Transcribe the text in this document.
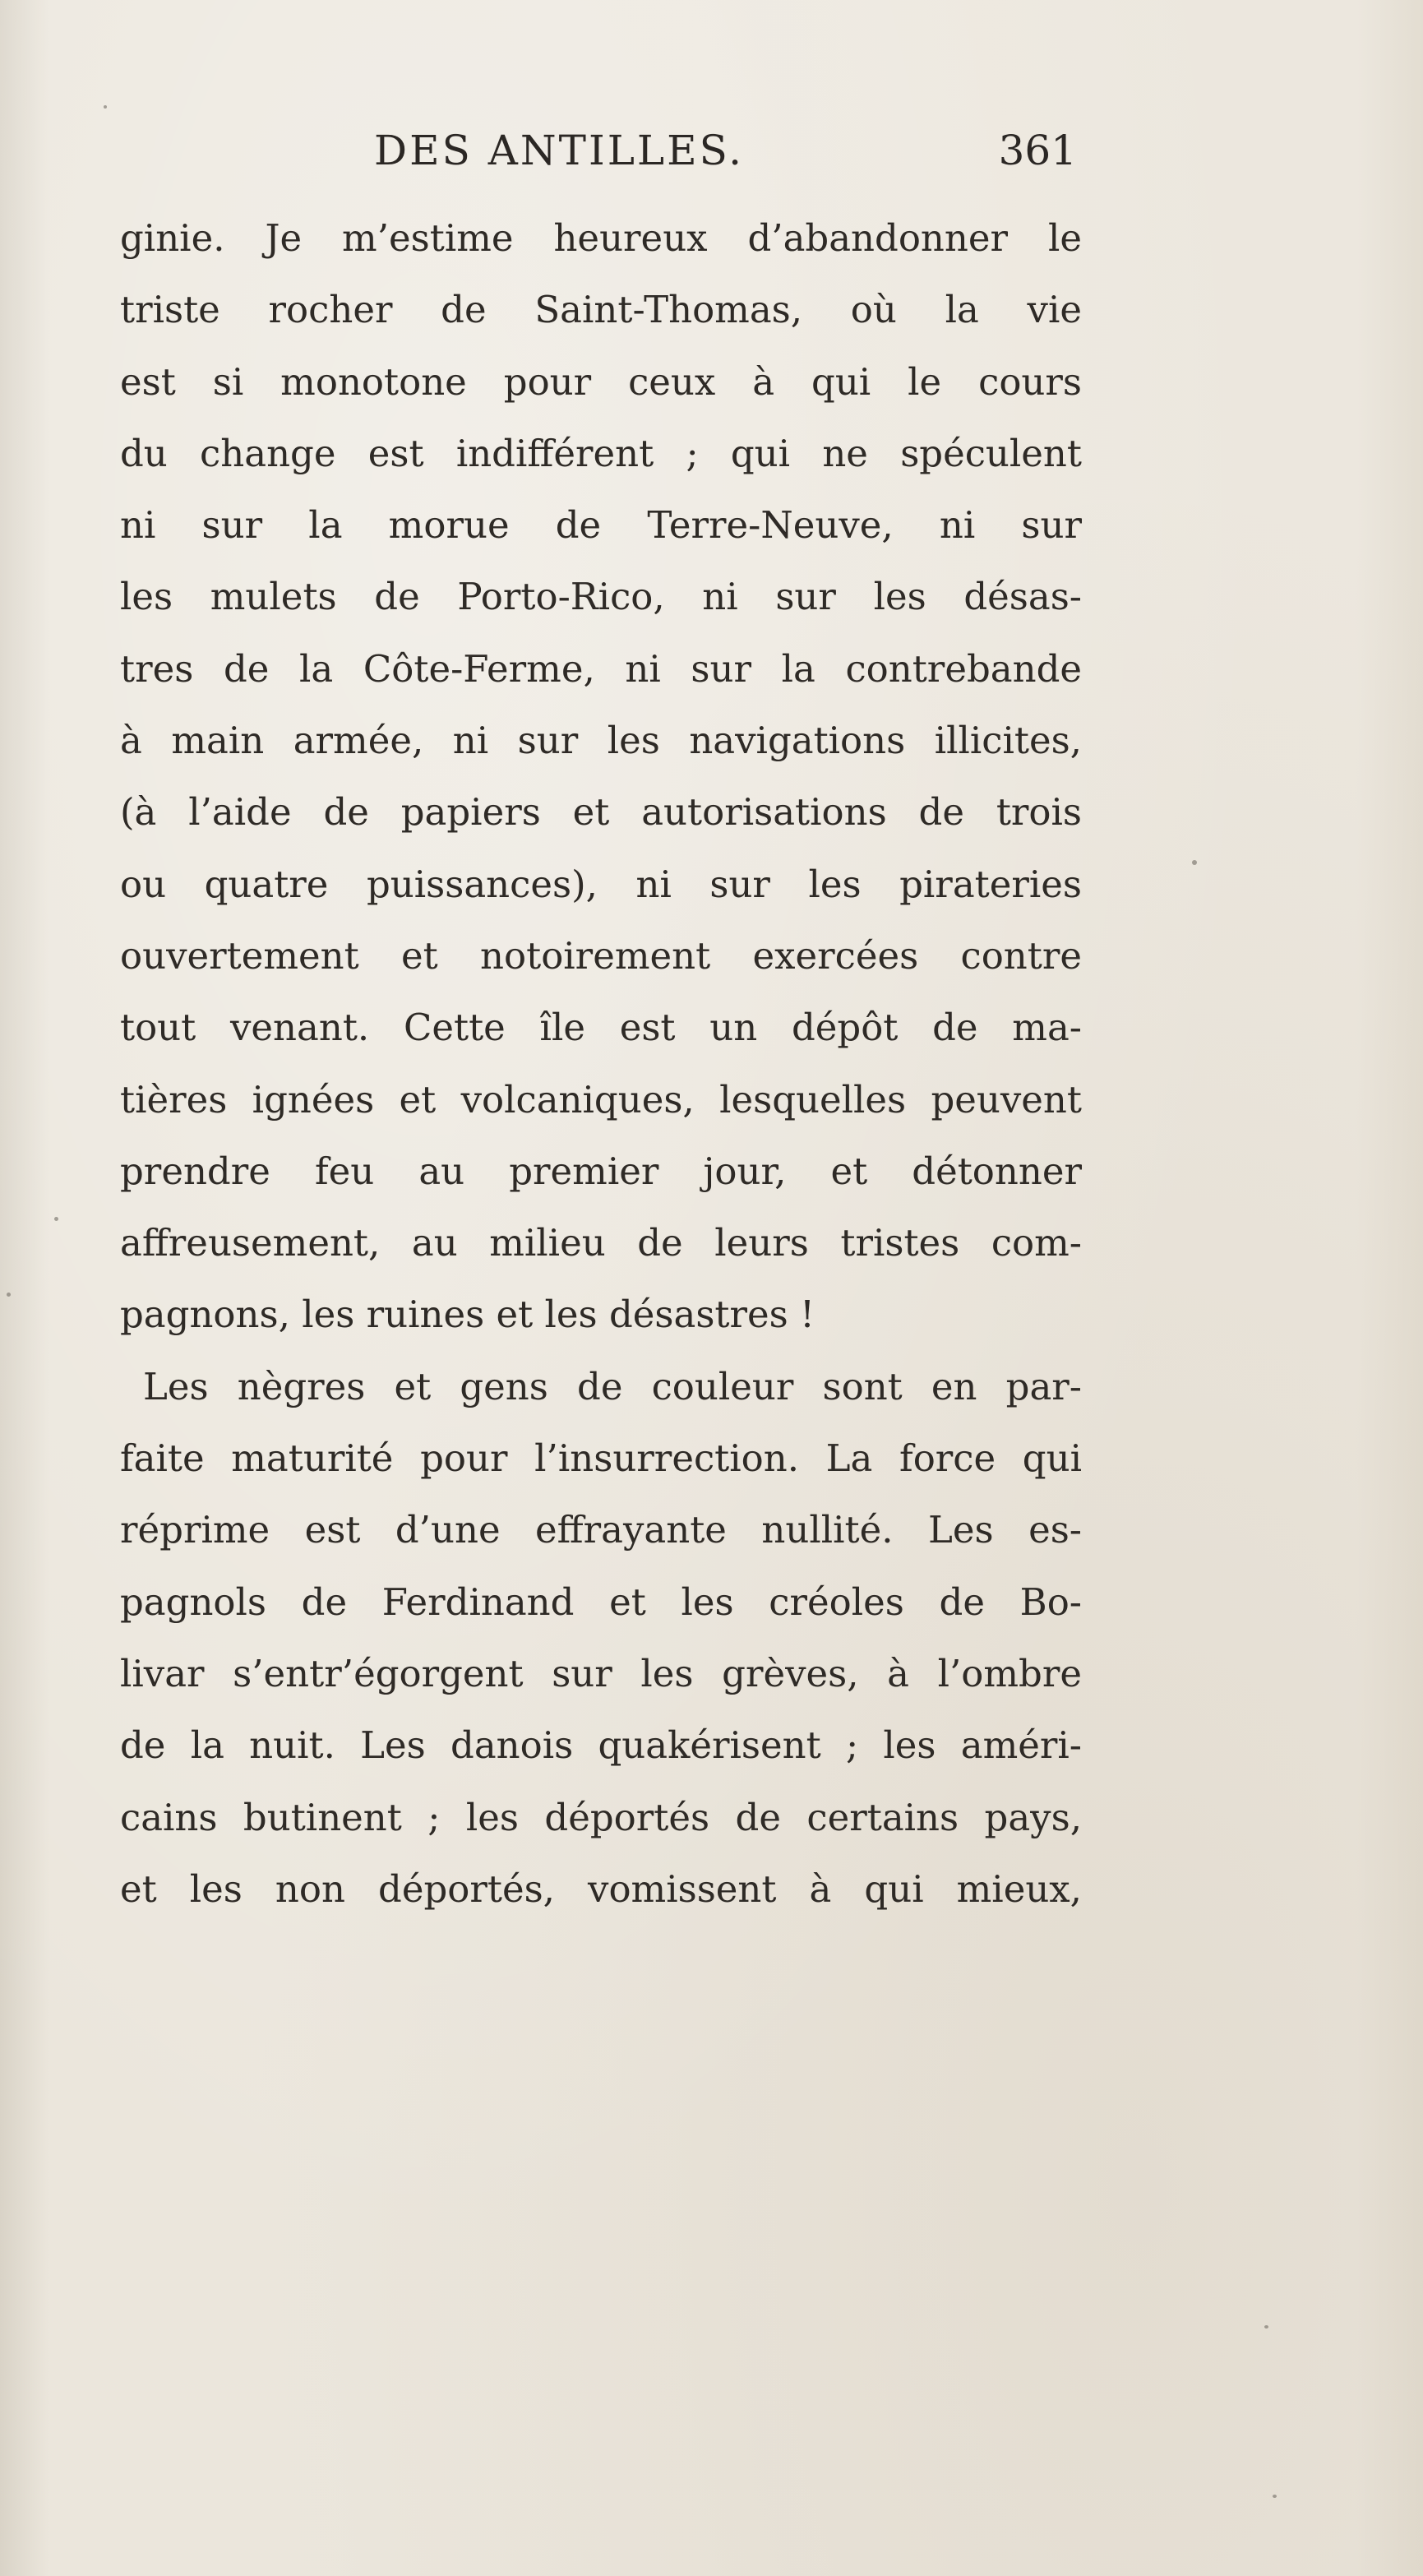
DES ANTILLES.	361
ginie. Je m’estime heureux d’abandonner le
triste rocher de Saint-Thomas, où la vie
est si monotone pour ceux à qui le cours
du change est indifférent ; qui ne spéculent
ni sur la morue de Terre-Neuve, ni sur
les mulets de Porto-Rico, ni sur les désas-
tres de la Côte-Ferme, ni sur la contrebande
à main armée, ni sur les navigations illicites,
(à l’aide de papiers et autorisations de trois
ou quatre puissances), ni sur les pirateries
ouvertement et notoirement exercées contre
tout venant. Cette île est un dépôt de ma-
tières ignées et volcaniques, lesquelles peuvent
prendre feu au premier jour, et détonner
affreusement, au milieu de leurs tristes com-
pagnons, les ruines et les désastres !
Les nègres et gens de couleur sont en par-
faite maturité pour l’insurrection. La force qui
réprime est d’une effrayante nullité. Les es-
pagnols de Ferdinand et les créoles de Bo-
livar s’entr’égorgent sur les grèves, à l’ombre
de la nuit. Les danois quakérisent ; les améri-
cains butinent ; les déportés de certains pays,
et les non déportés, vomissent à qui mieux,
